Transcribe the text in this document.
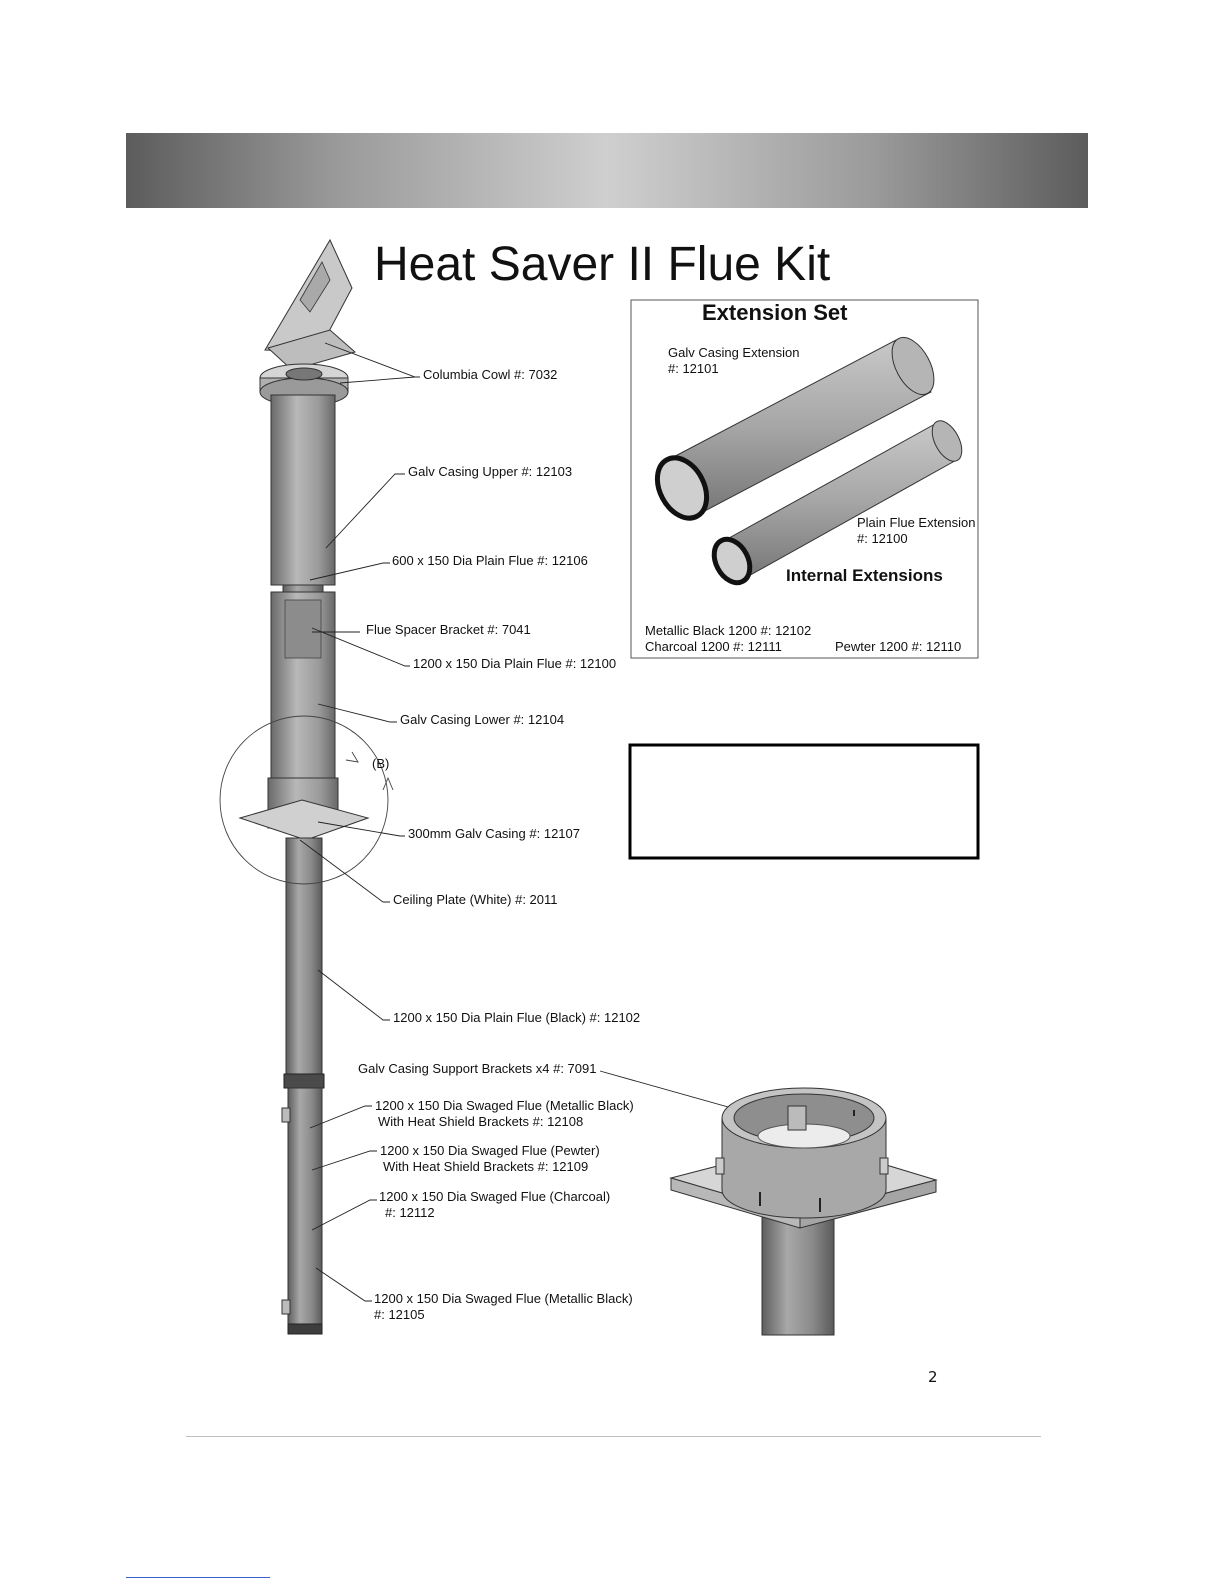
Heat Saver II Flue Kit
Columbia Cowl #: 7032
Galv Casing Upper #: 12103
600 x 150 Dia Plain Flue #: 12106
Flue Spacer Bracket #: 7041
1200 x 150 Dia Plain Flue #: 12100
Galv Casing Lower #: 12104
(B)
300mm Galv Casing #: 12107
Ceiling Plate (White) #: 2011
1200 x 150 Dia Plain Flue (Black) #: 12102
Galv Casing Support Brackets x4 #: 7091
1200 x 150 Dia Swaged Flue (Metallic Black)
With Heat Shield Brackets #: 12108
1200 x 150 Dia Swaged Flue (Pewter)
With Heat Shield Brackets #: 12109
1200 x 150 Dia Swaged Flue (Charcoal)
#: 12112
1200 x 150 Dia Swaged Flue (Metallic Black)
#: 12105
Extension Set
Galv Casing Extension
#: 12101
Plain Flue Extension
#: 12100
Internal Extensions
Metallic Black 1200 #: 12102
Charcoal 1200 #: 12111	Pewter 1200 #: 12110
2
